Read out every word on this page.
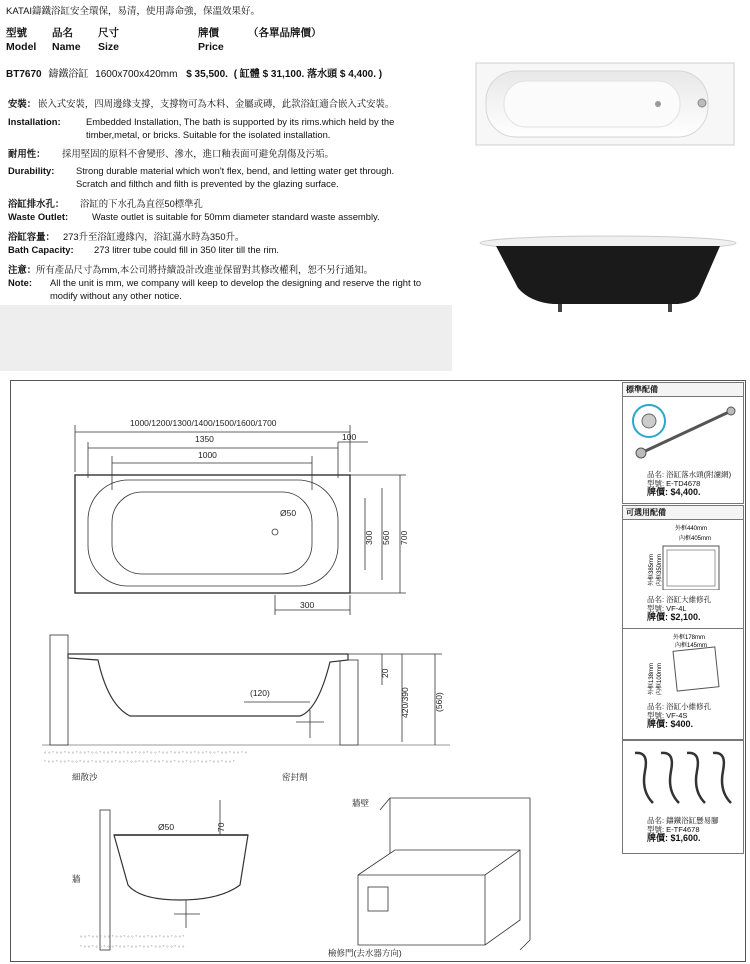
KATAI鑄鐵浴缸安全環保，易清，使用壽命強，保溫效果好。
型號 品名 尺寸	牌價	（各單品牌價）
Model Name Size	Price
BT7670 鑄鐵浴缸 1600x700x420mm $ 35,500. ( 缸體 $ 31,100. 落水頭 $ 4,400. )
安裝： 嵌入式安裝，四周邊緣支撐，支撐物可為木料、金屬或磚，此款浴缸適合嵌入式安裝。
Installation:	Embedded Installation, The bath is supported by its rims.which held by the timber,metal, or bricks. Suitable for the isolated installation.
耐用性： 採用堅固的原料不會變形、滲水，進口釉表面可避免刮傷及污垢。
Durability: Strong durable material which won't flex, bend, and letting water get through. Scratch and filthch and filth is prevented by the glazing surface.
浴缸排水孔： 浴缸的下水孔為直徑50標準孔
Waste Outlet:	Waste outlet is suitable for 50mm diameter standard waste assembly.
浴缸容量： 273升至浴缸邊緣內，浴缸滿水時為350升。
Bath Capacity: 273 litrer tube could fill in 350 liter till the rim.
注意： 所有產品尺寸為mm,本公司將持續設計改進並保留對其修改權利，恕不另行通知。
Note: All the unit is mm, we company will keep to develop the designing and reserve the right to modify without any other notice.
° ° ˚ ° ° ˚ ° ° ˚ ° ° ˚ ° ° ˚ ° ° ˚ ° ° ˚ ° ° ˚ ° ° ˚ ° ° ˚ ° ° ˚ ° ° ˚ ° ° ˚ ° ° ˚ ° ° ˚ ° ° ˚ ° ° ˚ °
˚ ° ° ˚ ° ° ˚ ° ° ˚ ° ° ˚ ° ° ˚ ° ° ˚ ° ° ˚ ° ° ˚ ° ° ˚ ° ° ˚ ° ° ˚ ° ° ˚ ° ° ˚ ° ° ˚ ° ° ˚ ° ° ˚
° ° ˚ ° ° ˚ ° ° ˚ ° ° ˚ ° ° ˚ ° ° ˚ ° ° ˚ ° ° ˚ ° ° ˚
˚ ° ° ˚ ° ° ˚ ° ° ˚ ° ° ˚ ° ° ˚ ° ° ˚ ° ° ˚ ° ° ˚ ° °
1000/1200/1300/1400/1500/1600/1700
1350
1000
100
Ø50
300
(120)
細散沙	密封劑
Ø50
牆
牆壁
檢修門(去水器方向)
300 560 700
20
420/390	(560)
70
標準配備
品名: 浴缸落水頭(附濾網)
型號: E-TD4678
牌價: $4,400.
可選用配備
外框440mm
內框405mm
外框385mm 內框350mm
品名: 浴缸大維修孔
型號: VF-4L
牌價: $2,100.
外框178mm
內框145mm
外框138mm 內框100mm
品名: 浴缸小維修孔
型號: VF-4S
牌價: $400.
品名: 鑄鐵浴缸懸易腳
型號: E-TF4678
牌價: $1,600.
